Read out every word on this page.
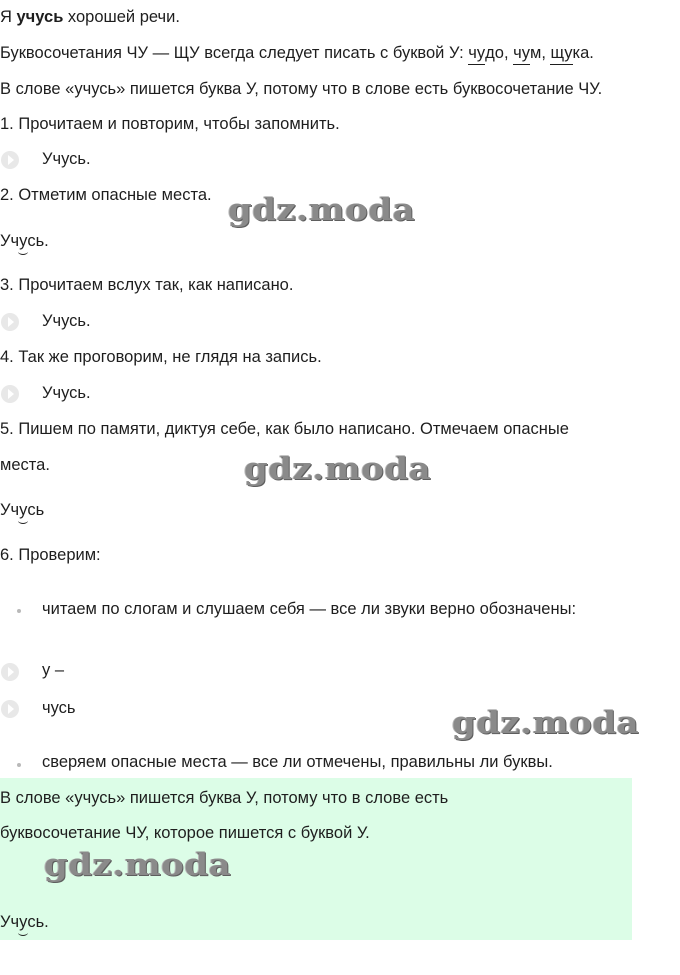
Я учусь хорошей речи.
Буквосочетания ЧУ — ЩУ всегда следует писать с буквой У: чудо, чум, щука.
В слове «учусь» пишется буква У, потому что в слове есть буквосочетание ЧУ.
1. Прочитаем и повторим, чтобы запомнить.
Учусь.
2. Отметим опасные места.
Учусь.
3. Прочитаем вслух так, как написано.
Учусь.
4. Так же проговорим, не глядя на запись.
Учусь.
5. Пишем по памяти, диктуя себе, как было написано. Отмечаем опасные
места.
Учусь
6. Проверим:
читаем по слогам и слушаем себя — все ли звуки верно обозначены:
у –
чусь
сверяем опасные места — все ли отмечены, правильны ли буквы.
В слове «учусь» пишется буква У, потому что в слове есть
буквосочетание ЧУ, которое пишется с буквой У.
Учусь.
gdz.moda
gdz.moda
gdz.moda
gdz.moda
